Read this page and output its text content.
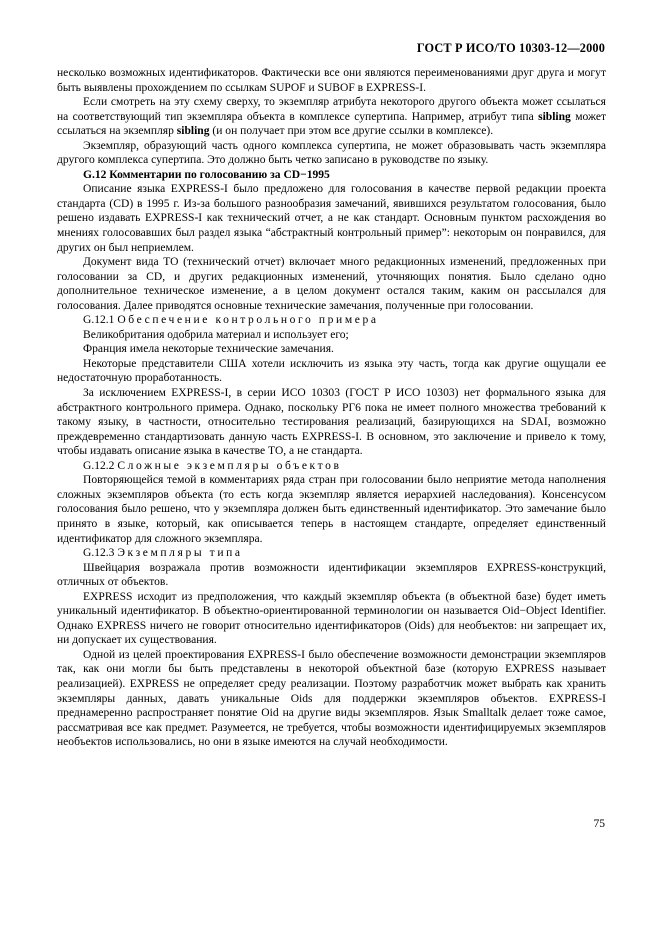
ГОСТ Р ИСО/ТО 10303-12—2000

несколько возможных идентификаторов. Фактически все они являются переименованиями друг друга и могут быть выявлены прохождением по ссылкам SUPOF и SUBOF в EXPRESS-I.

Если смотреть на эту схему сверху, то экземпляр атрибута некоторого другого объекта может ссылаться на соответствующий тип экземпляра объекта в комплексе супертипа. Например, атрибут типа sibling может ссылаться на экземпляр sibling (и он получает при этом все другие ссылки в комплексе).

Экземпляр, образующий часть одного комплекса супертипа, не может образовывать часть экземпляра другого комплекса супертипа. Это должно быть четко записано в руководстве по языку.

G.12 Комментарии по голосованию за CD−1995

Описание языка EXPRESS-I было предложено для голосования в качестве первой редакции проекта стандарта (CD) в 1995 г. Из-за большого разнообразия замечаний, явившихся результатом голосования, было решено издавать EXPRESS-I как технический отчет, а не как стандарт. Основным пунктом расхождения во мнениях голосовавших был раздел языка “абстрактный контрольный пример”: некоторым он понравился, для других он был неприемлем.

Документ вида ТО (технический отчет) включает много редакционных изменений, предложенных при голосовании за CD, и других редакционных изменений, уточняющих понятия. Было сделано одно дополнительное техническое изменение, а в целом документ остался таким, каким он рассылался для голосования. Далее приводятся основные технические замечания, полученные при голосовании.

G.12.1 Обеспечение контрольного примера

Великобритания одобрила материал и использует его;

Франция имела некоторые технические замечания.

Некоторые представители США хотели исключить из языка эту часть, тогда как другие ощущали ее недостаточную проработанность.

За исключением EXPRESS-I, в серии ИСО 10303 (ГОСТ Р ИСО 10303) нет формального языка для абстрактного контрольного примера. Однако, поскольку РГ6 пока не имеет полного множества требований к такому языку, в частности, относительно тестирования реализаций, базирующихся на SDAI, возможно преждевременно стандартизовать данную часть EXPRESS-I. В основном, это заключение и привело к тому, чтобы издавать описание языка в качестве ТО, а не стандарта.

G.12.2 Сложные экземпляры объектов

Повторяющейся темой в комментариях ряда стран при голосовании было неприятие метода наполнения сложных экземпляров объекта (то есть когда экземпляр является иерархией наследования). Консенсусом голосования было решено, что у экземпляра должен быть единственный идентификатор. Это замечание было принято в языке, который, как описывается теперь в настоящем стандарте, определяет единственный идентификатор для сложного экземпляра.

G.12.3 Экземпляры типа

Швейцария возражала против возможности идентификации экземпляров EXPRESS-конструкций, отличных от объектов.

EXPRESS исходит из предположения, что каждый экземпляр объекта (в объектной базе) будет иметь уникальный идентификатор. В объектно-ориентированной терминологии он называется Oid−Object Identifier. Однако EXPRESS ничего не говорит относительно идентификаторов (Oids) для необъектов: ни запрещает их, ни допускает их существования.

Одной из целей проектирования EXPRESS-I было обеспечение возможности демонстрации экземпляров так, как они могли бы быть представлены в некоторой объектной базе (которую EXPRESS называет реализацией). EXPRESS не определяет среду реализации. Поэтому разработчик может выбрать как хранить экземпляры данных, давать уникальные Oids для поддержки экземпляров объектов. EXPRESS-I преднамеренно распространяет понятие Oid на другие виды экземпляров. Язык Smalltalk делает тоже самое, рассматривая все как предмет. Разумеется, не требуется, чтобы возможности идентифицируемых экземпляров необъектов использовались, но они в языке имеются на случай необходимости.

75
